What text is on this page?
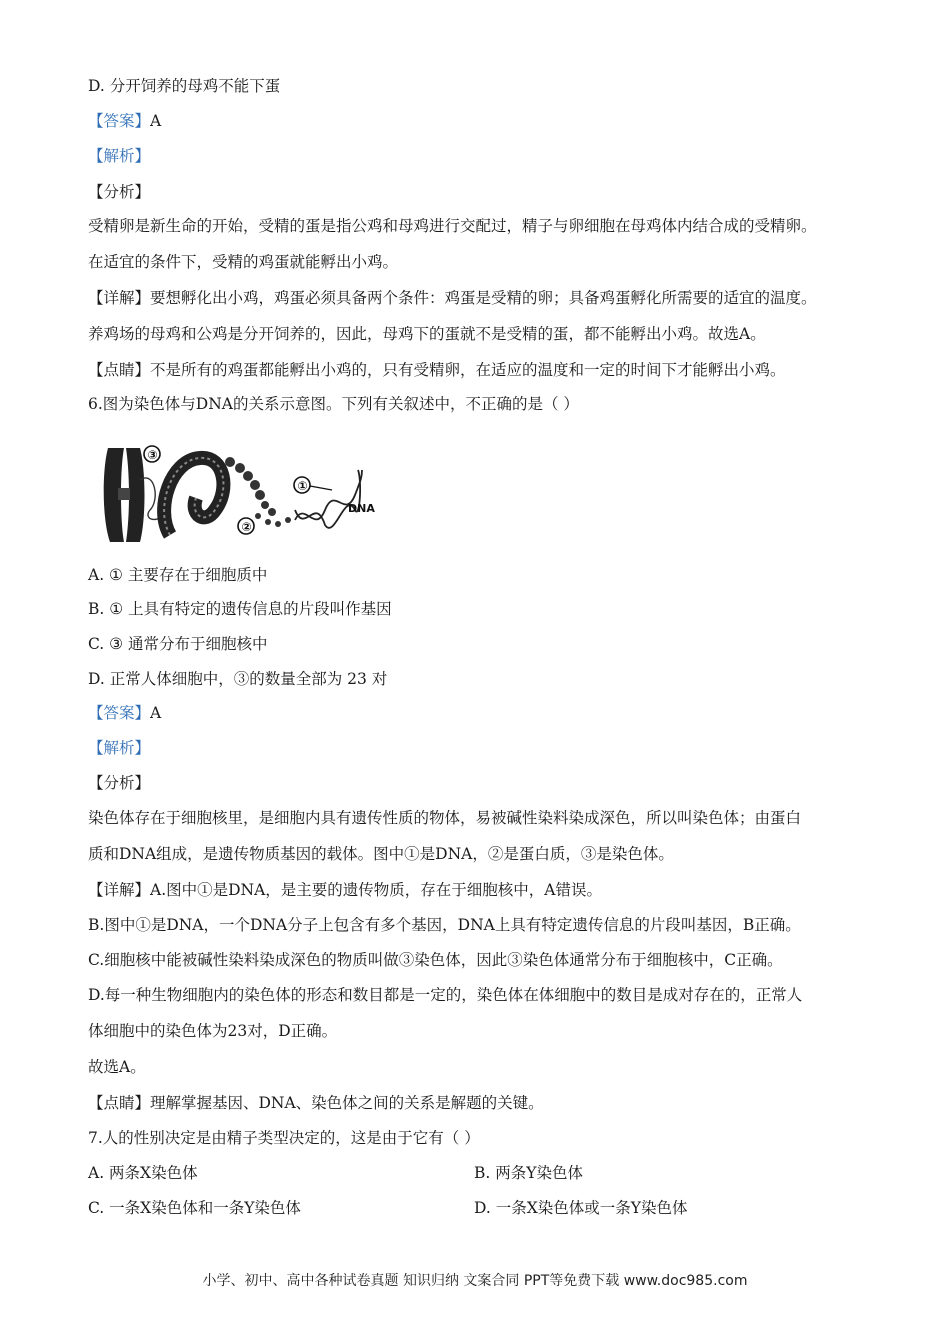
D. 分开饲养的母鸡不能下蛋
【答案】A
【解析】
【分析】
受精卵是新生命的开始，受精的蛋是指公鸡和母鸡进行交配过，精子与卵细胞在母鸡体内结合成的受精卵。
在适宜的条件下，受精的鸡蛋就能孵出小鸡。
【详解】要想孵化出小鸡，鸡蛋必须具备两个条件：鸡蛋是受精的卵；具备鸡蛋孵化所需要的适宜的温度。
养鸡场的母鸡和公鸡是分开饲养的，因此，母鸡下的蛋就不是受精的蛋，都不能孵出小鸡。故选A。
【点睛】不是所有的鸡蛋都能孵出小鸡的，只有受精卵，在适应的温度和一定的时间下才能孵出小鸡。
6.图为染色体与DNA的关系示意图。下列有关叙述中，不正确的是（ ）
③
②
①
DNA
A. ① 主要存在于细胞质中
B. ① 上具有特定的遗传信息的片段叫作基因
C. ③ 通常分布于细胞核中
D. 正常人体细胞中，③的数量全部为 23 对
【答案】A
【解析】
【分析】
染色体存在于细胞核里，是细胞内具有遗传性质的物体，易被碱性染料染成深色，所以叫染色体；由蛋白
质和DNA组成，是遗传物质基因的载体。图中①是DNA，②是蛋白质，③是染色体。
【详解】A.图中①是DNA，是主要的遗传物质，存在于细胞核中，A错误。
B.图中①是DNA，一个DNA分子上包含有多个基因，DNA上具有特定遗传信息的片段叫基因，B正确。
C.细胞核中能被碱性染料染成深色的物质叫做③染色体，因此③染色体通常分布于细胞核中，C正确。
D.每一种生物细胞内的染色体的形态和数目都是一定的，染色体在体细胞中的数目是成对存在的，正常人
体细胞中的染色体为23对，D正确。
故选A。
【点睛】理解掌握基因、DNA、染色体之间的关系是解题的关键。
7.人的性别决定是由精子类型决定的，这是由于它有（ ）
A. 两条X染色体	B. 两条Y染色体
C. 一条X染色体和一条Y染色体	D. 一条X染色体或一条Y染色体
小学、初中、高中各种试卷真题 知识归纳 文案合同 PPT等免费下载 www.doc985.com
